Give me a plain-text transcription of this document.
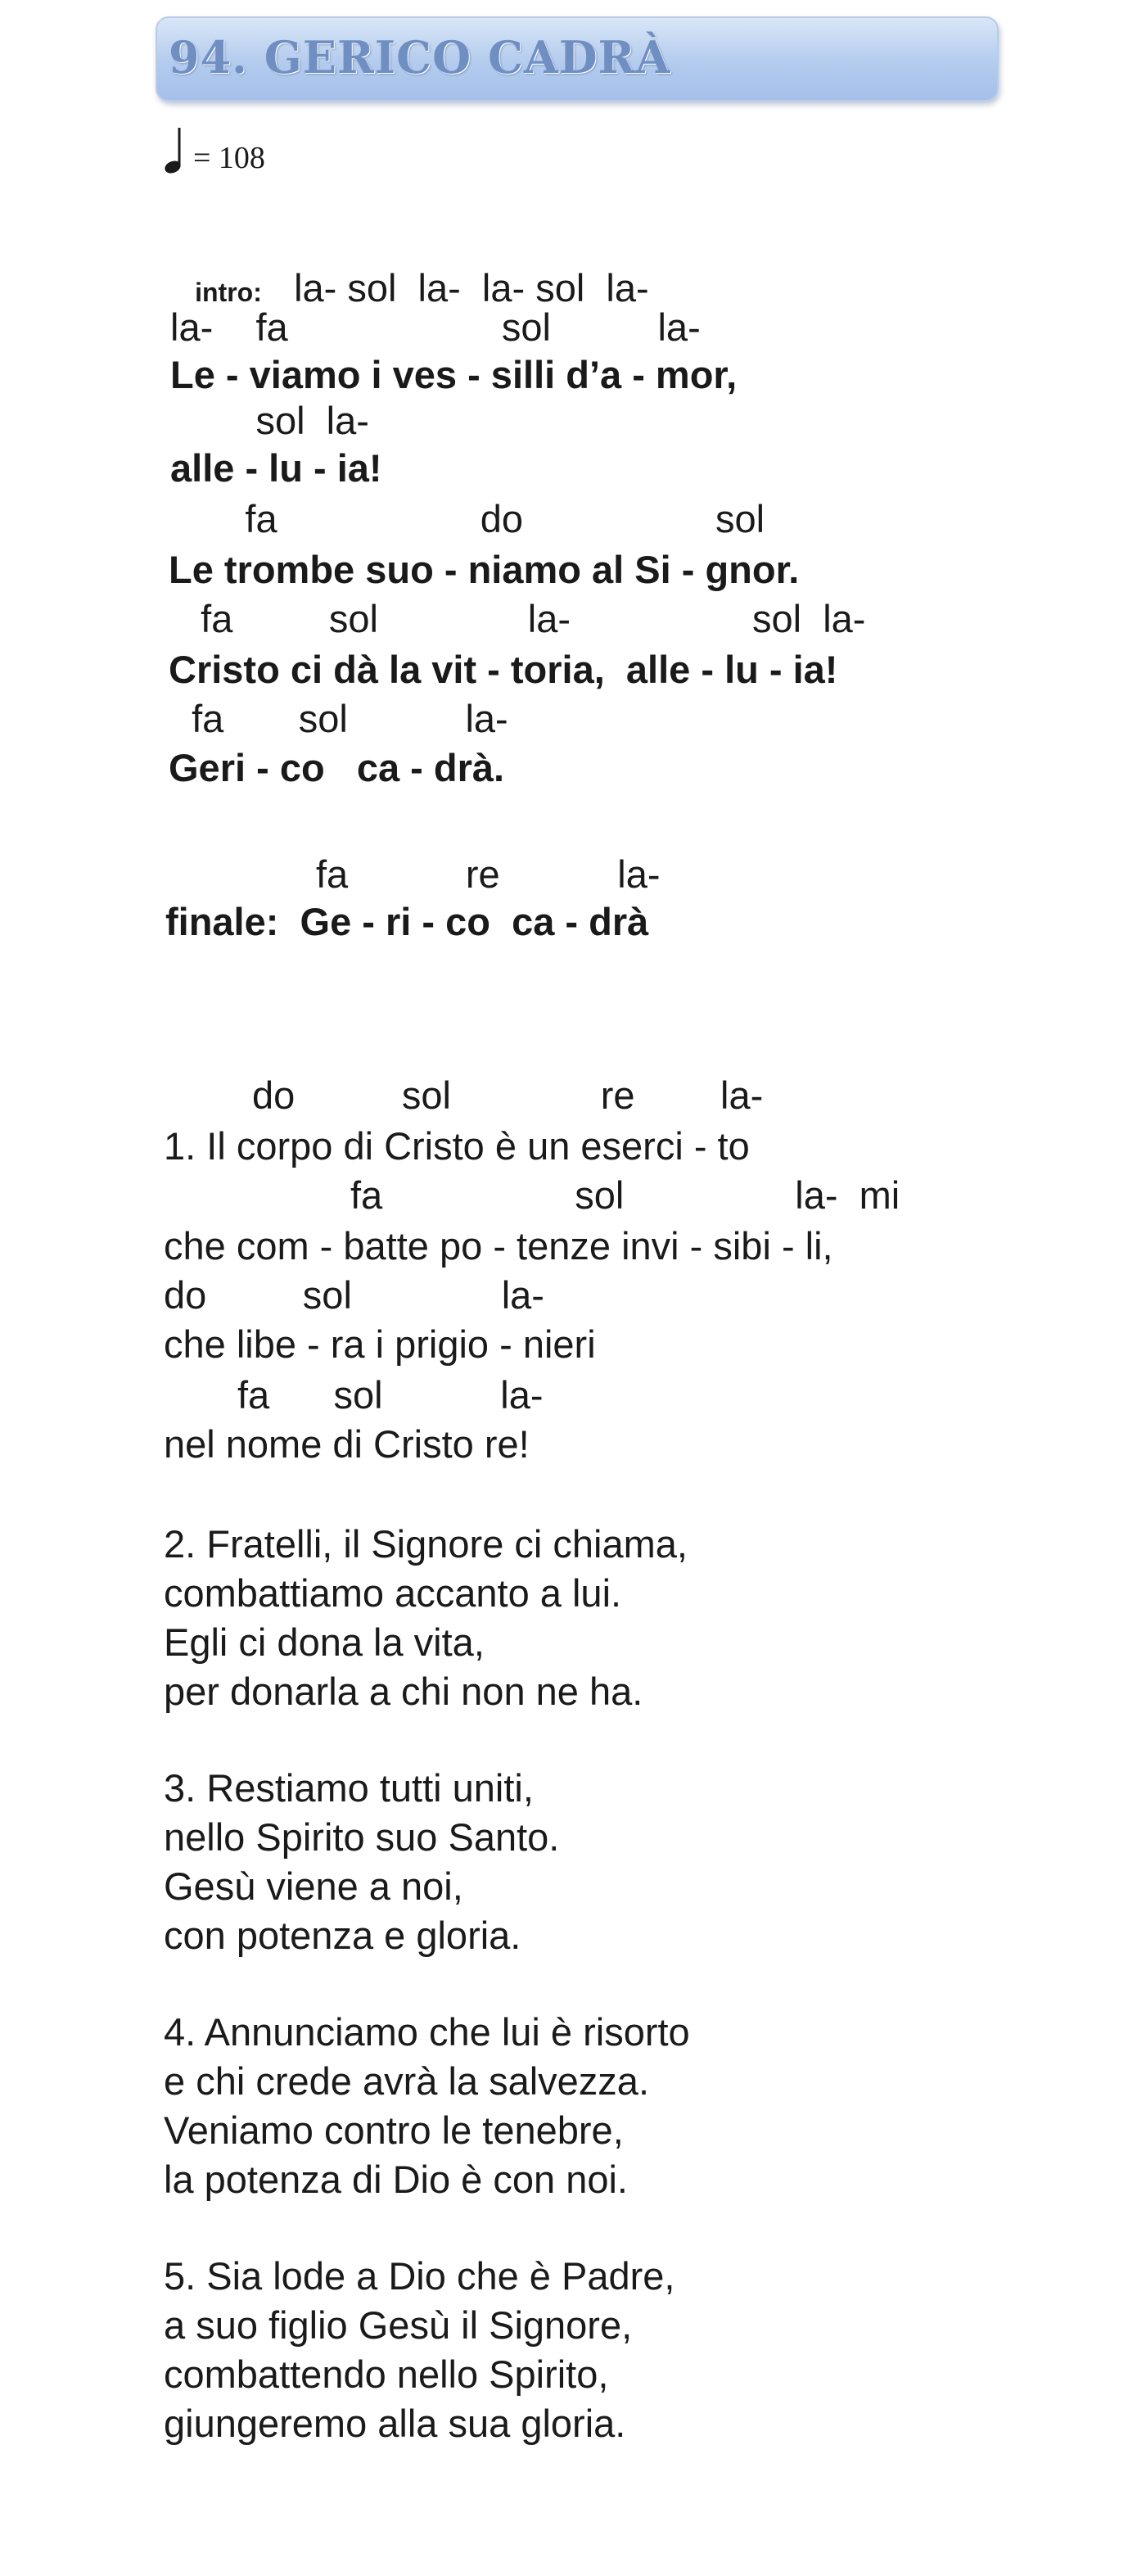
94. GERICO CADRÀ
= 108

intro: la- sol  la-  la- sol  la-

la-    fa                    sol          la-
Le - viamo i ves - silli d’a - mor,
sol  la-
alle - lu - ia!
fa                   do                  sol
Le trombe suo - niamo al Si - gnor.
fa         sol              la-                 sol  la-
Cristo ci dà la vit - toria,  alle - lu - ia!
fa       sol           la-
Geri - co   ca - drà.
fa           re           la-
finale: Ge - ri - co  ca - drà
do          sol              re        la-
1. Il corpo di Cristo è un eserci - to
fa                  sol                la-  mi
che com - batte po - tenze invi - sibi - li,
do         sol              la-
che libe - ra i prigio - nieri
fa      sol           la-
nel nome di Cristo re!
2. Fratelli, il Signore ci chiama,
combattiamo accanto a lui.
Egli ci dona la vita,
per donarla a chi non ne ha.
3. Restiamo tutti uniti,
nello Spirito suo Santo.
Gesù viene a noi,
con potenza e gloria.
4. Annunciamo che lui è risorto
e chi crede avrà la salvezza.
Veniamo contro le tenebre,
la potenza di Dio è con noi.
5. Sia lode a Dio che è Padre,
a suo figlio Gesù il Signore,
combattendo nello Spirito,
giungeremo alla sua gloria.
